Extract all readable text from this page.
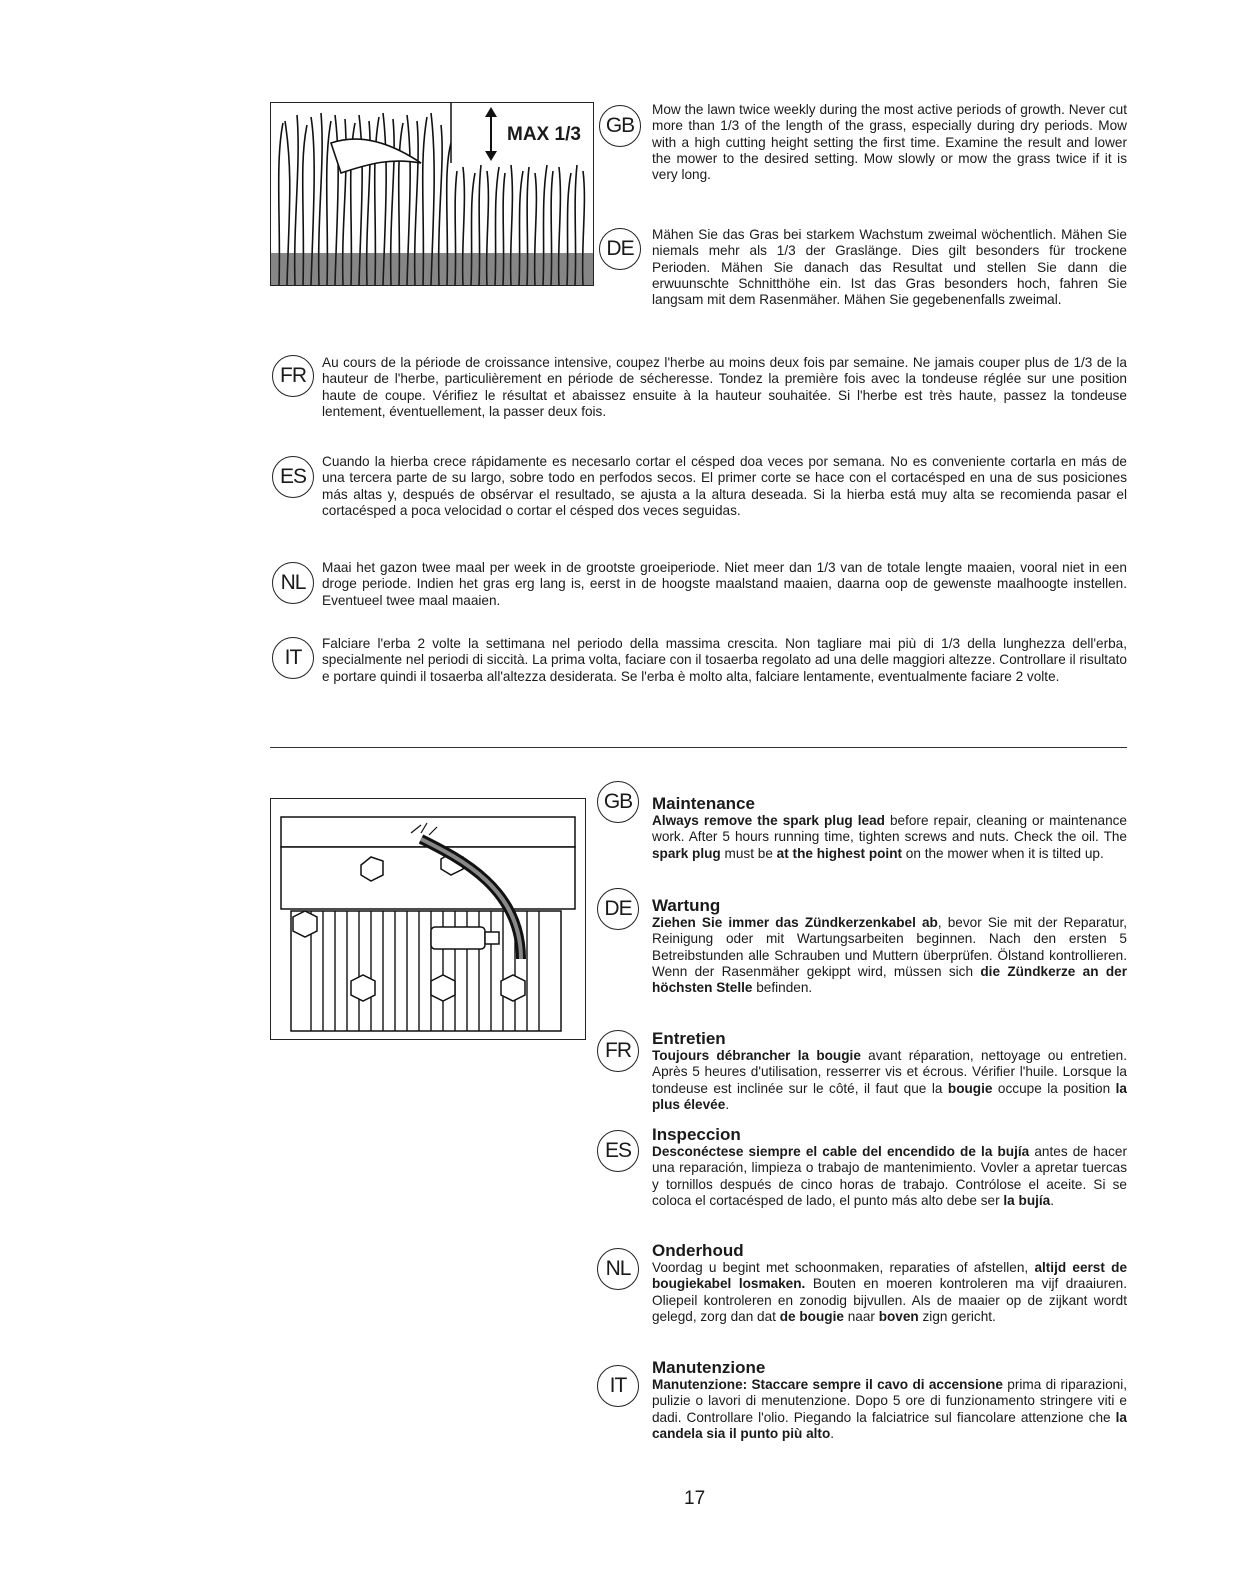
MAX 1/3	GB

Mow the lawn twice weekly during the most active periods of growth. Never cut more than 1/3 of the length of the grass, especially during dry periods. Mow with a high cutting height setting the first time. Examine the result and lower the mower to the desired setting. Mow slowly or mow the grass twice if it is very long.

DE

Mähen Sie das Gras bei starkem Wachstum zweimal wöchentlich. Mähen Sie niemals mehr als 1/3 der Graslänge. Dies gilt besonders für trockene Perioden. Mähen Sie danach das Resultat und stellen Sie dann die erwuunschte Schnitthöhe ein. Ist das Gras besonders hoch, fahren Sie langsam mit dem Rasenmäher. Mähen Sie gegebenenfalls zweimal.

FR

Au cours de la période de croissance intensive, coupez l'herbe au moins deux fois par semaine. Ne jamais couper plus de 1/3 de la hauteur de l'herbe, particulièrement en période de sécheresse. Tondez la première fois avec la tondeuse réglée sur une position haute de coupe. Vérifiez le résultat et abaissez ensuite à la hauteur souhaitée. Si l'herbe est très haute, passez la tondeuse lentement, éventuellement, la passer deux fois.

ES

Cuando la hierba crece rápidamente es necesarlo cortar el césped doa veces por semana. No es conveniente cortarla en más de una tercera parte de su largo, sobre todo en perfodos secos. El primer corte se hace con el cortacésped en una de sus posiciones más altas y, después de obsérvar el resultado, se ajusta a la altura deseada. Si la hierba está muy alta se recomienda pasar el cortacésped a poca velocidad o cortar el césped dos veces seguidas.

NL

Maai het gazon twee maal per week in de grootste groeiperiode. Niet meer dan 1/3 van de totale lengte maaien, vooral niet in een droge periode. Indien het gras erg lang is, eerst in de hoogste maalstand maaien, daarna oop de gewenste maalhoogte instellen. Eventueel twee maal maaien.

IT

Falciare l'erba 2 volte la settimana nel periodo della massima crescita. Non tagliare mai più di 1/3 della lunghezza dell'erba, specialmente nel periodi di siccità. La prima volta, faciare con il tosaerba regolato ad una delle maggiori altezze. Controllare il risultato e portare quindi il tosaerba all'altezza desiderata. Se l'erba è molto alta, falciare lentamente, eventualmente faciare 2 volte.

GB	Maintenance

Always remove the spark plug lead before repair, cleaning or maintenance work. After 5 hours running time, tighten screws and nuts. Check the oil. The spark plug must be at the highest point on the mower when it is tilted up.

DE	Wartung

Ziehen Sie immer das Zündkerzenkabel ab, bevor Sie mit der Reparatur, Reinigung oder mit Wartungsarbeiten beginnen. Nach den ersten 5 Betreibstunden alle Schrauben und Muttern überprüfen. Ölstand kontrollieren. Wenn der Rasenmäher gekippt wird, müssen sich die Zündkerze an der höchsten Stelle befinden.

FR

Entretien

Toujours débrancher la bougie avant réparation, nettoyage ou entretien. Après 5 heures d'utilisation, resserrer vis et écrous. Vérifier l'huile. Lorsque la tondeuse est inclinée sur le côté, il faut que la bougie occupe la position la plus élevée.

ES

Inspeccion

Desconéctese siempre el cable del encendido de la bujía antes de hacer una reparación, limpieza o trabajo de mantenimiento. Vovler a apretar tuercas y tornillos después de cinco horas de trabajo. Contrólose el aceite. Si se coloca el cortacésped de lado, el punto más alto debe ser la bujía.

NL

Onderhoud

Voordag u begint met schoonmaken, reparaties of afstellen, altijd eerst de bougiekabel losmaken. Bouten en moeren kontroleren ma vijf draaiuren. Oliepeil kontroleren en zonodig bijvullen. Als de maaier op de zijkant wordt gelegd, zorg dan dat de bougie naar boven zign gericht.

IT

Manutenzione

Manutenzione: Staccare sempre il cavo di accensione prima di riparazioni, pulizie o lavori di menutenzione. Dopo 5 ore di funzionamento stringere viti e dadi. Controllare l'olio. Piegando la falciatrice sul fiancolare attenzione che la candela sia il punto più alto.

17
